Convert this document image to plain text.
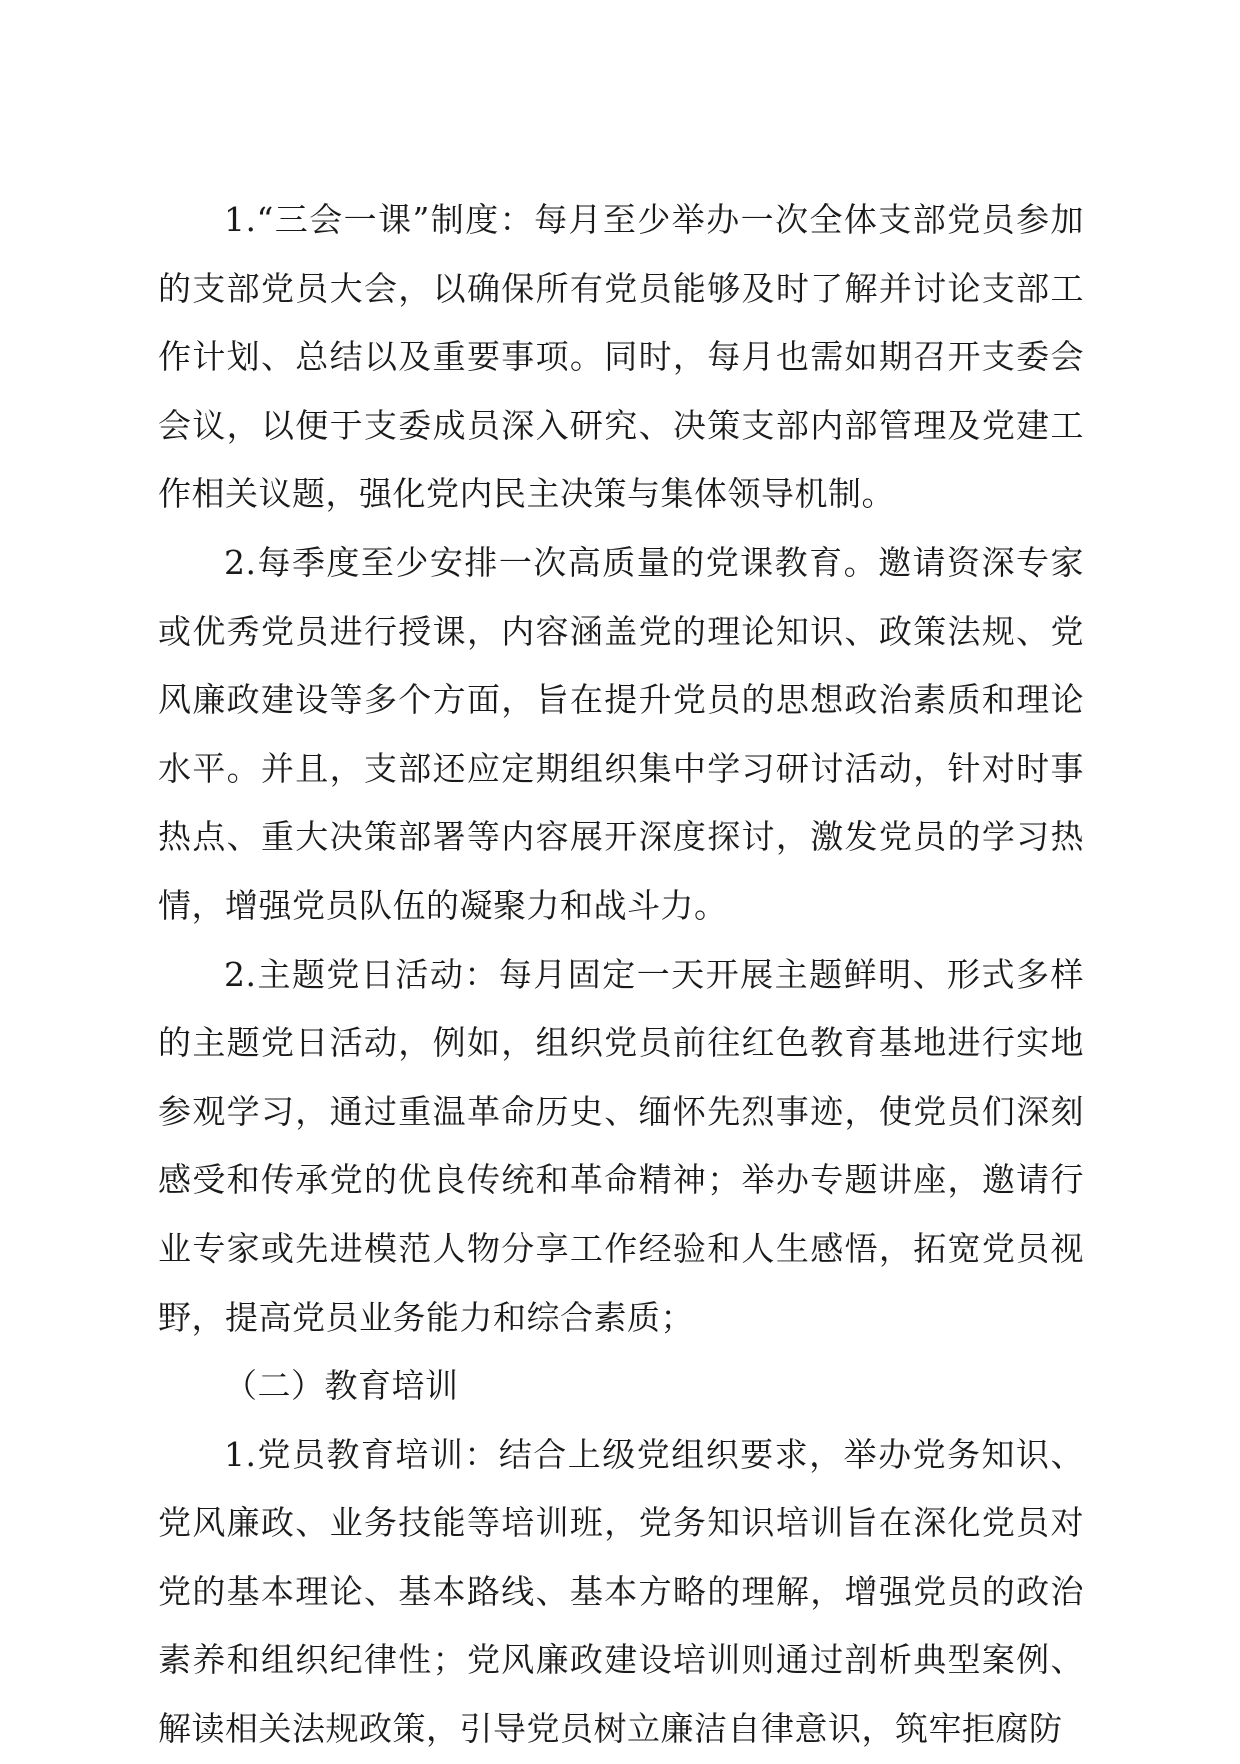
1.“三会一课”制度：每月至少举办一次全体支部党员参加的支部党员大会，以确保所有党员能够及时了解并讨论支部工作计划、总结以及重要事项。同时，每月也需如期召开支委会会议，以便于支委成员深入研究、决策支部内部管理及党建工作相关议题，强化党内民主决策与集体领导机制。

2.每季度至少安排一次高质量的党课教育。邀请资深专家或优秀党员进行授课，内容涵盖党的理论知识、政策法规、党风廉政建设等多个方面，旨在提升党员的思想政治素质和理论水平。并且，支部还应定期组织集中学习研讨活动，针对时事热点、重大决策部署等内容展开深度探讨，激发党员的学习热情，增强党员队伍的凝聚力和战斗力。

2.主题党日活动：每月固定一天开展主题鲜明、形式多样的主题党日活动，例如，组织党员前往红色教育基地进行实地参观学习，通过重温革命历史、缅怀先烈事迹，使党员们深刻感受和传承党的优良传统和革命精神；举办专题讲座，邀请行业专家或先进模范人物分享工作经验和人生感悟，拓宽党员视野，提高党员业务能力和综合素质；

（二）教育培训

1.党员教育培训：结合上级党组织要求，举办党务知识、党风廉政、业务技能等培训班，党务知识培训旨在深化党员对党的基本理论、基本路线、基本方略的理解，增强党员的政治素养和组织纪律性；党风廉政建设培训则通过剖析典型案例、解读相关法规政策，引导党员树立廉洁自律意识，筑牢拒腐防
